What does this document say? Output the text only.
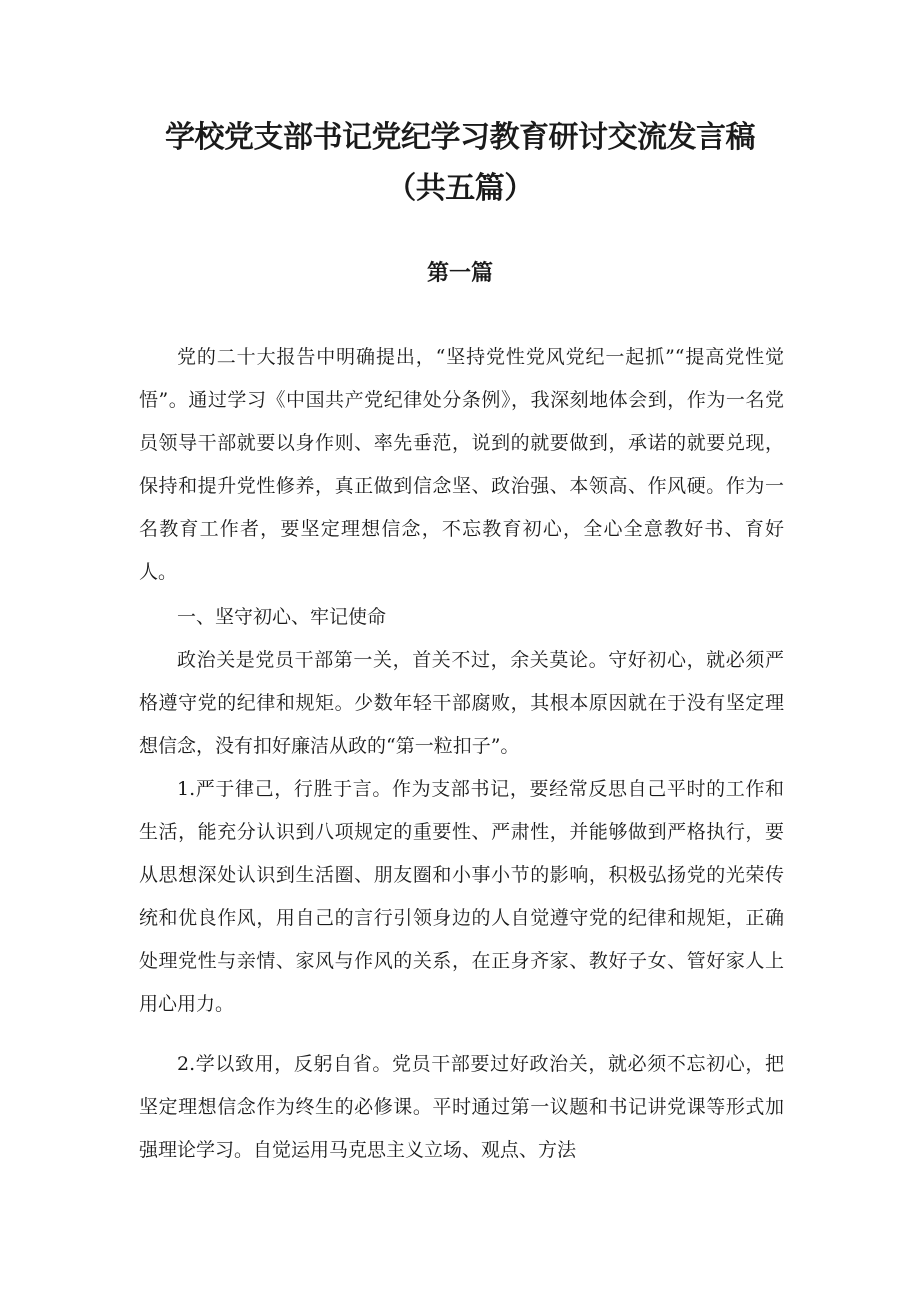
学校党支部书记党纪学习教育研讨交流发言稿
（共五篇）
第一篇

党的二十大报告中明确提出，“坚持党性党风党纪一起抓”“提高党性觉悟”。通过学习《中国共产党纪律处分条例》，我深刻地体会到，作为一名党员领导干部就要以身作则、率先垂范，说到的就要做到，承诺的就要兑现，保持和提升党性修养，真正做到信念坚、政治强、本领高、作风硬。作为一名教育工作者，要坚定理想信念，不忘教育初心，全心全意教好书、育好人。

一、坚守初心、牢记使命

政治关是党员干部第一关，首关不过，余关莫论。守好初心，就必须严格遵守党的纪律和规矩。少数年轻干部腐败，其根本原因就在于没有坚定理想信念，没有扣好廉洁从政的“第一粒扣子”。

1.严于律己，行胜于言。作为支部书记，要经常反思自己平时的工作和生活，能充分认识到八项规定的重要性、严肃性，并能够做到严格执行，要从思想深处认识到生活圈、朋友圈和小事小节的影响，积极弘扬党的光荣传统和优良作风，用自己的言行引领身边的人自觉遵守党的纪律和规矩，正确处理党性与亲情、家风与作风的关系，在正身齐家、教好子女、管好家人上用心用力。

2.学以致用，反躬自省。党员干部要过好政治关，就必须不忘初心，把坚定理想信念作为终生的必修课。平时通过第一议题和书记讲党课等形式加强理论学习。自觉运用马克思主义立场、观点、方法
